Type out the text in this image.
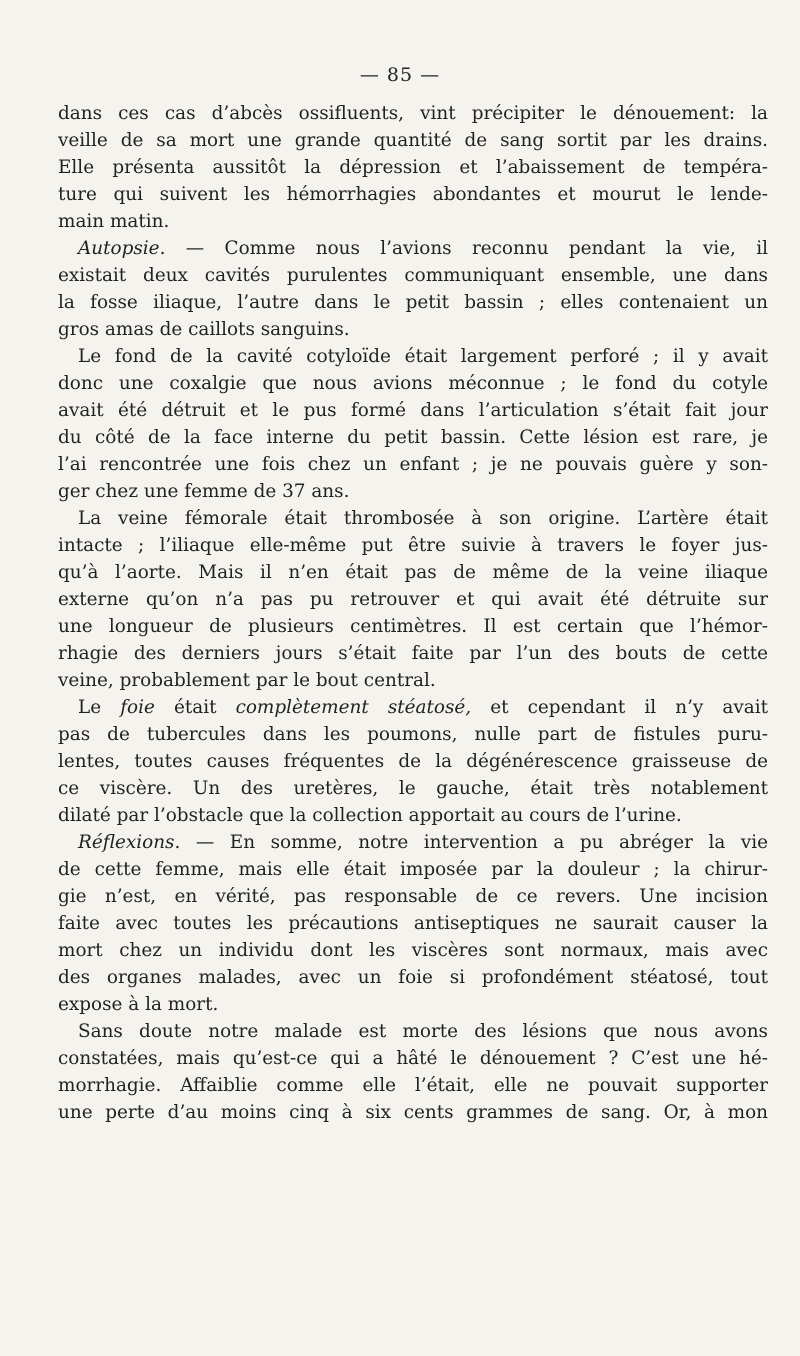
— 85 —
dans ces cas d’abcès ossifluents, vint précipiter le dénouement: la
veille de sa mort une grande quantité de sang sortit par les drains.
Elle présenta aussitôt la dépression et l’abaissement de tempéra-
ture qui suivent les hémorrhagies abondantes et mourut le lende-
main matin.
Autopsie. — Comme nous l’avions reconnu pendant la vie, il
existait deux cavités purulentes communiquant ensemble, une dans
la fosse iliaque, l’autre dans le petit bassin ; elles contenaient un
gros amas de caillots sanguins.
Le fond de la cavité cotyloïde était largement perforé ; il y avait
donc une coxalgie que nous avions méconnue ; le fond du cotyle
avait été détruit et le pus formé dans l’articulation s’était fait jour
du côté de la face interne du petit bassin. Cette lésion est rare, je
l’ai rencontrée une fois chez un enfant ; je ne pouvais guère y son-
ger chez une femme de 37 ans.
La veine fémorale était thrombosée à son origine. L’artère était
intacte ; l’iliaque elle-même put être suivie à travers le foyer jus-
qu’à l’aorte. Mais il n’en était pas de même de la veine iliaque
externe qu’on n’a pas pu retrouver et qui avait été détruite sur
une longueur de plusieurs centimètres. Il est certain que l’hémor-
rhagie des derniers jours s’était faite par l’un des bouts de cette
veine, probablement par le bout central.
Le foie était complètement stéatosé, et cependant il n’y avait
pas de tubercules dans les poumons, nulle part de fistules puru-
lentes, toutes causes fréquentes de la dégénérescence graisseuse de
ce viscère. Un des uretères, le gauche, était très notablement
dilaté par l’obstacle que la collection apportait au cours de l’urine.
Réflexions. — En somme, notre intervention a pu abréger la vie
de cette femme, mais elle était imposée par la douleur ; la chirur-
gie n’est, en vérité, pas responsable de ce revers. Une incision
faite avec toutes les précautions antiseptiques ne saurait causer la
mort chez un individu dont les viscères sont normaux, mais avec
des organes malades, avec un foie si profondément stéatosé, tout
expose à la mort.
Sans doute notre malade est morte des lésions que nous avons
constatées, mais qu’est-ce qui a hâté le dénouement ? C’est une hé-
morrhagie. Affaiblie comme elle l’était, elle ne pouvait supporter
une perte d’au moins cinq à six cents grammes de sang. Or, à mon
